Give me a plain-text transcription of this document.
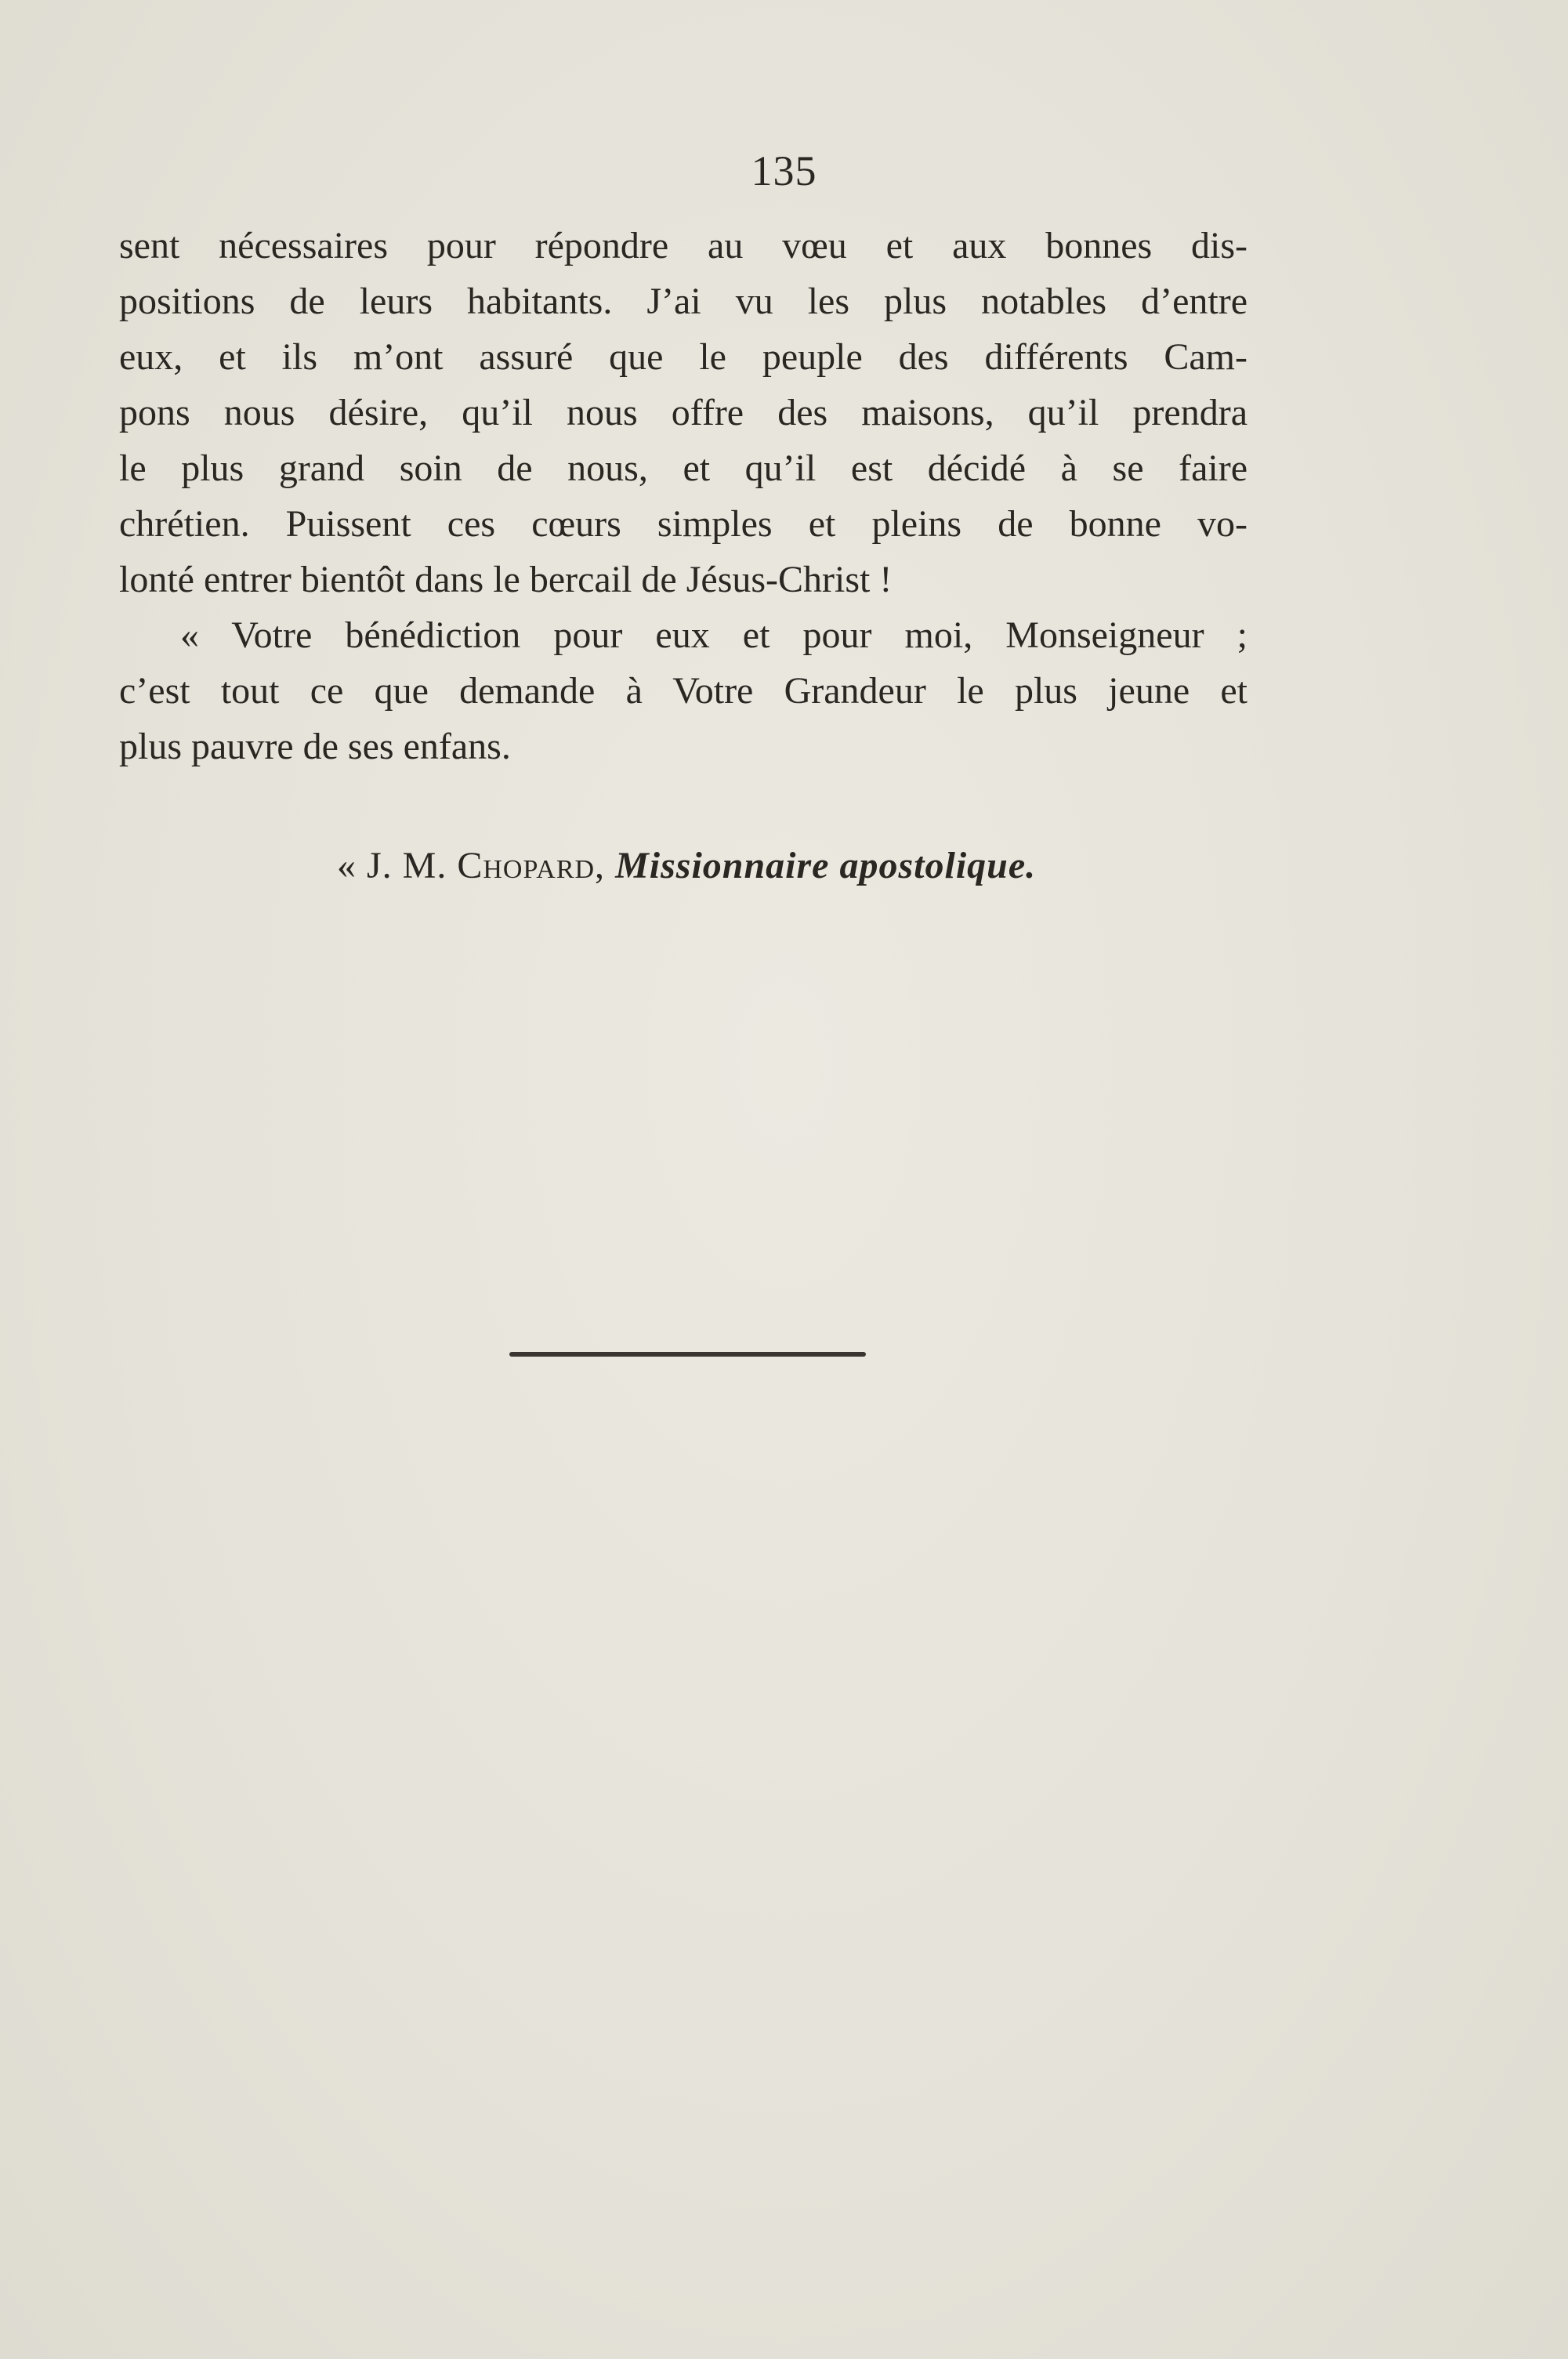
135
sent nécessaires pour répondre au vœu et aux bonnes dis-
positions de leurs habitants. J’ai vu les plus notables d’entre
eux, et ils m’ont assuré que le peuple des différents Cam-
pons nous désire, qu’il nous offre des maisons, qu’il prendra
le plus grand soin de nous, et qu’il est décidé à se faire
chrétien. Puissent ces cœurs simples et pleins de bonne vo-
lonté entrer bientôt dans le bercail de Jésus-Christ !
« Votre bénédiction pour eux et pour moi, Monseigneur ;
c’est tout ce que demande à Votre Grandeur le plus jeune et
plus pauvre de ses enfans.
« J. M. Chopard, Missionnaire apostolique.
